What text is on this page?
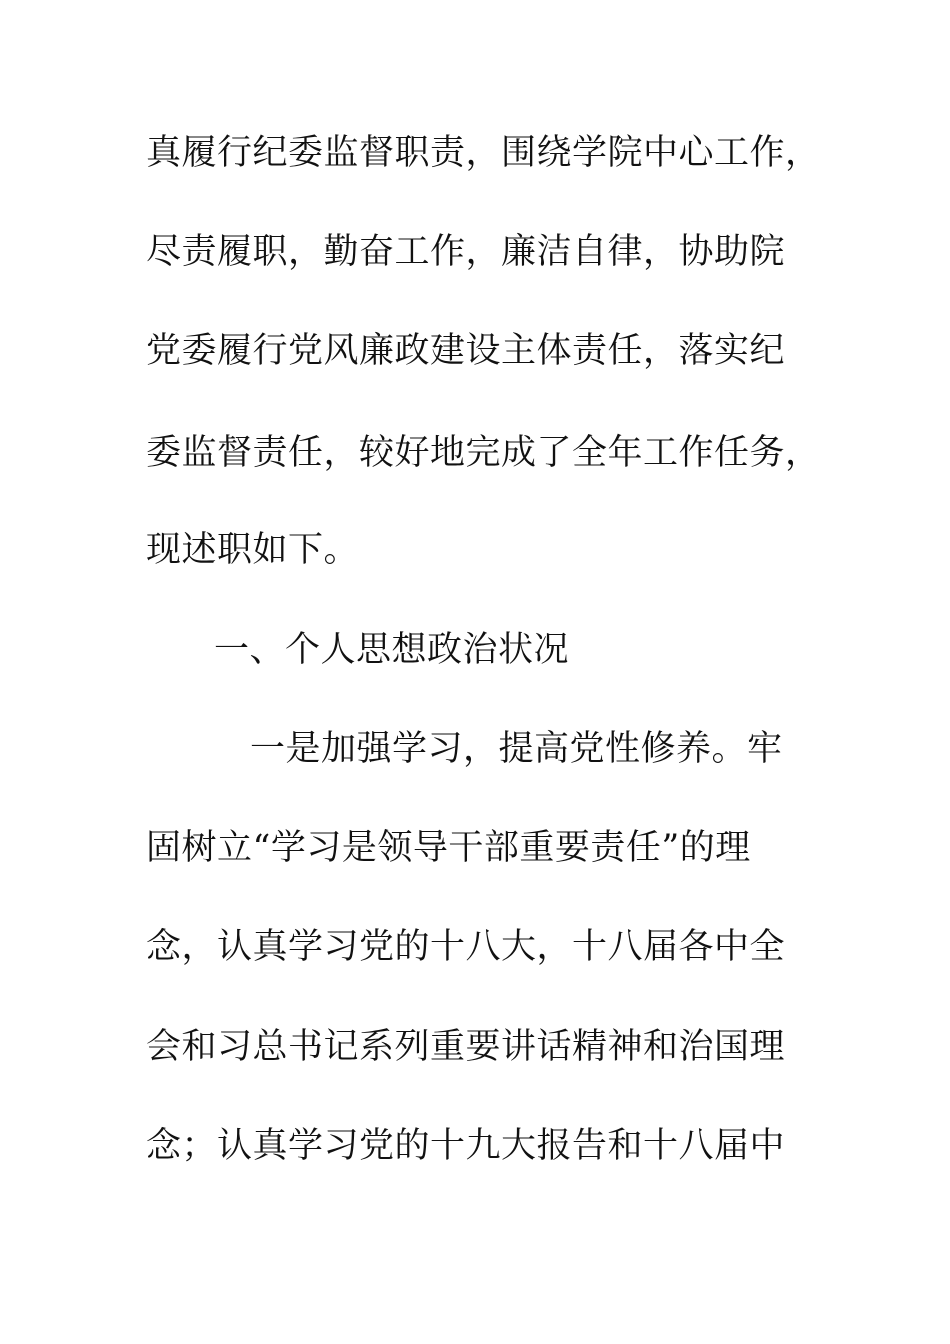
真履行纪委监督职责，围绕学院中心工作，
尽责履职，勤奋工作，廉洁自律，协助院
党委履行党风廉政建设主体责任，落实纪
委监督责任，较好地完成了全年工作任务，
现述职如下。
一、个人思想政治状况
一是加强学习，提高党性修养。牢
固树立“学习是领导干部重要责任”的理
念，认真学习党的十八大，十八届各中全
会和习总书记系列重要讲话精神和治国理
念；认真学习党的十九大报告和十八届中
